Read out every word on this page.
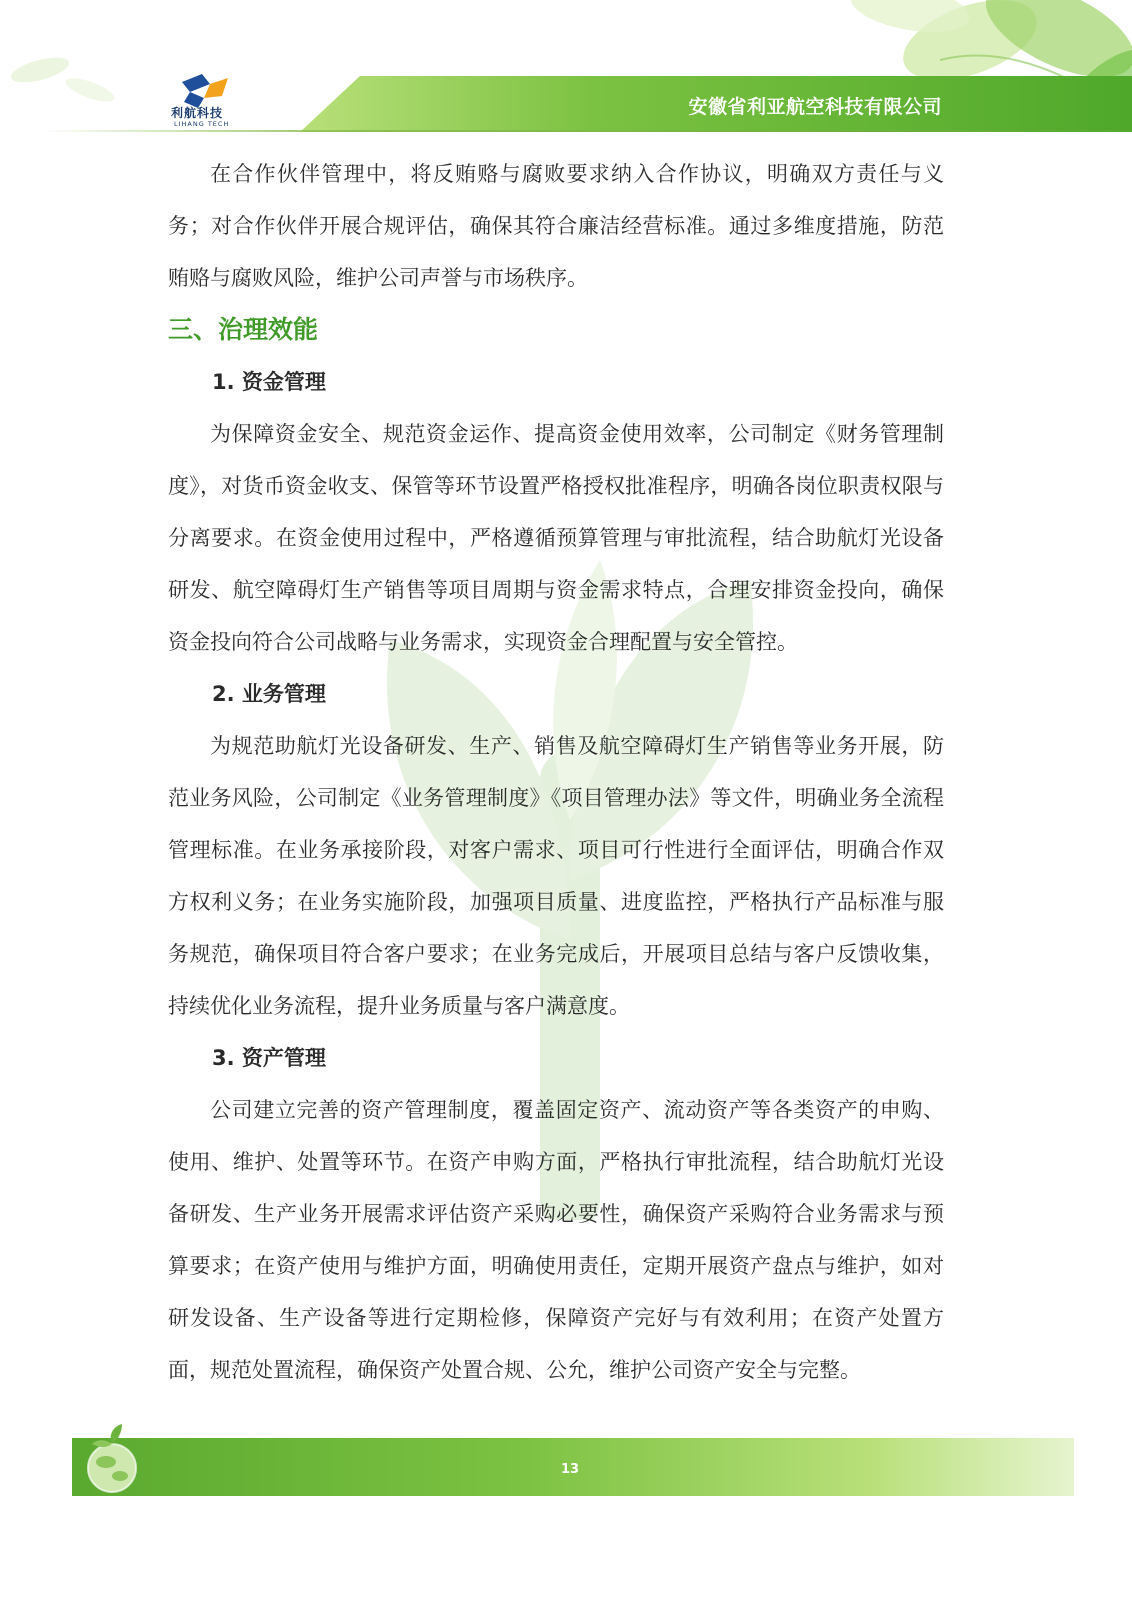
安徽省利亚航空科技有限公司
利航科技
LIHANG TECH

在合作伙伴管理中，将反贿赂与腐败要求纳入合作协议，明确双方责任与义务；对合作伙伴开展合规评估，确保其符合廉洁经营标准。通过多维度措施，防范贿赂与腐败风险，维护公司声誉与市场秩序。

三、治理效能

1. 资金管理

为保障资金安全、规范资金运作、提高资金使用效率，公司制定《财务管理制度》，对货币资金收支、保管等环节设置严格授权批准程序，明确各岗位职责权限与分离要求。在资金使用过程中，严格遵循预算管理与审批流程，结合助航灯光设备研发、航空障碍灯生产销售等项目周期与资金需求特点，合理安排资金投向，确保资金投向符合公司战略与业务需求，实现资金合理配置与安全管控。

2. 业务管理

为规范助航灯光设备研发、生产、销售及航空障碍灯生产销售等业务开展，防范业务风险，公司制定《业务管理制度》《项目管理办法》等文件，明确业务全流程管理标准。在业务承接阶段，对客户需求、项目可行性进行全面评估，明确合作双方权利义务；在业务实施阶段，加强项目质量、进度监控，严格执行产品标准与服务规范，确保项目符合客户要求；在业务完成后，开展项目总结与客户反馈收集，持续优化业务流程，提升业务质量与客户满意度。

3. 资产管理

公司建立完善的资产管理制度，覆盖固定资产、流动资产等各类资产的申购、使用、维护、处置等环节。在资产申购方面，严格执行审批流程，结合助航灯光设备研发、生产业务开展需求评估资产采购必要性，确保资产采购符合业务需求与预算要求；在资产使用与维护方面，明确使用责任，定期开展资产盘点与维护，如对研发设备、生产设备等进行定期检修，保障资产完好与有效利用；在资产处置方面，规范处置流程，确保资产处置合规、公允，维护公司资产安全与完整。

13
